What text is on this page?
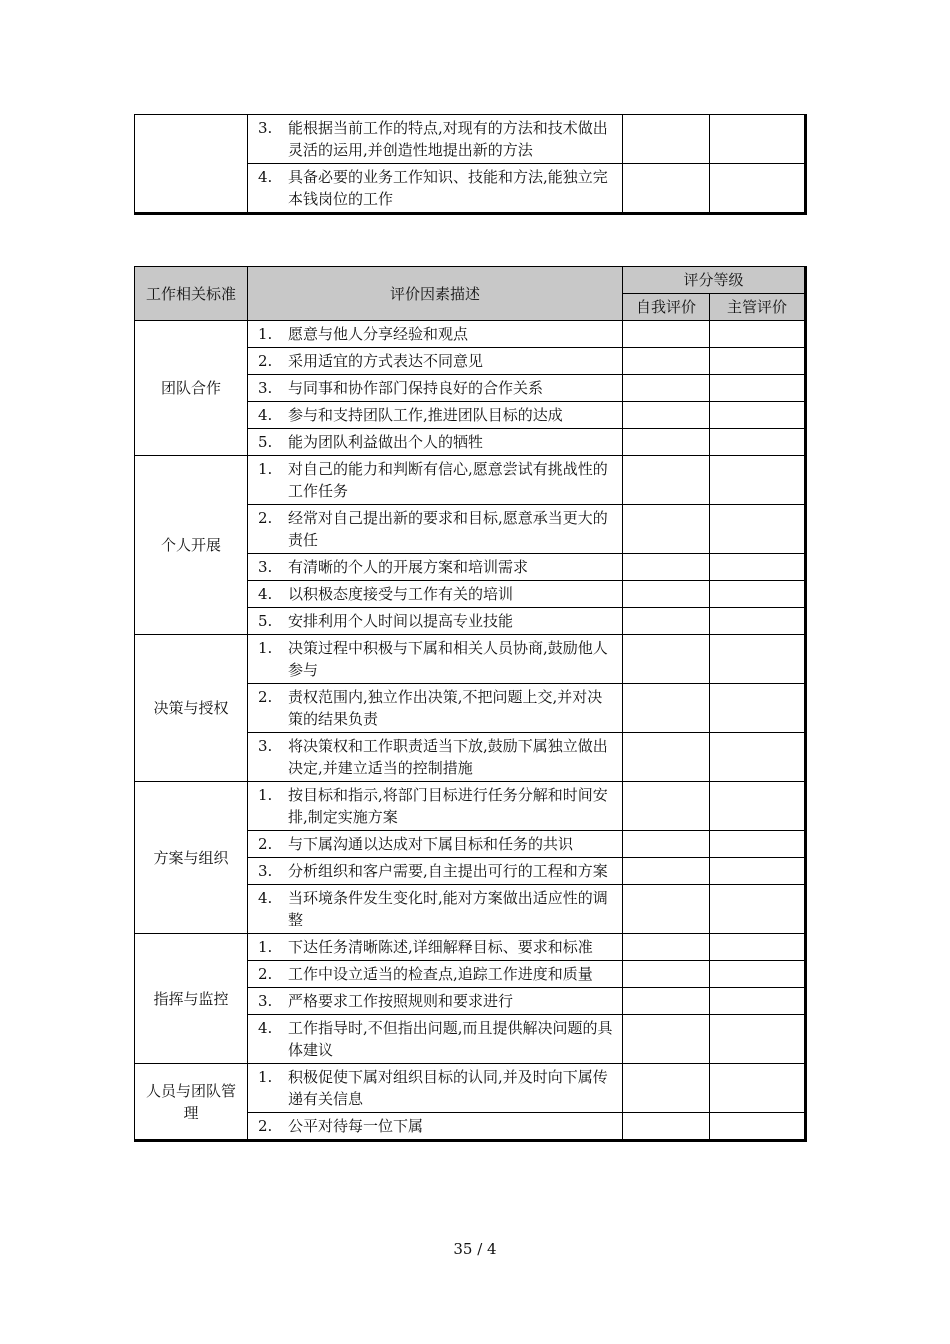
	3. 能根据当前工作的特点,对现有的方法和技术做出灵活的运用,并创造性地提出新的方法		

	4. 具备必要的业务工作知识、技能和方法,能独立完本钱岗位的工作		

工作相关标准	评价因素描述	评分等级	
		自我评价	主管评价
团队合作	1. 愿意与他人分享经验和观点		

	2. 采用适宜的方式表达不同意见		

	3. 与同事和协作部门保持良好的合作关系		

	4. 参与和支持团队工作,推进团队目标的达成		

	5. 能为团队利益做出个人的牺牲		

个人开展	1. 对自己的能力和判断有信心,愿意尝试有挑战性的工作任务		

	2. 经常对自己提出新的要求和目标,愿意承当更大的责任		

	3. 有清晰的个人的开展方案和培训需求		

	4. 以积极态度接受与工作有关的培训		

	5. 安排利用个人时间以提高专业技能		

决策与授权	1. 决策过程中积极与下属和相关人员协商,鼓励他人参与		

	2. 责权范围内,独立作出决策,不把问题上交,并对决策的结果负责		

	3. 将决策权和工作职责适当下放,鼓励下属独立做出决定,并建立适当的控制措施		

方案与组织	1. 按目标和指示,将部门目标进行任务分解和时间安排,制定实施方案		

	2. 与下属沟通以达成对下属目标和任务的共识		

	3. 分析组织和客户需要,自主提出可行的工程和方案		

	4. 当环境条件发生变化时,能对方案做出适应性的调整		

指挥与监控	1. 下达任务清晰陈述,详细解释目标、要求和标准		

	2. 工作中设立适当的检查点,追踪工作进度和质量		

	3. 严格要求工作按照规则和要求进行		

	4. 工作指导时,不但指出问题,而且提供解决问题的具体建议		

人员与团队管理	1. 积极促使下属对组织目标的认同,并及时向下属传递有关信息		

	2. 公平对待每一位下属		

35 / 4
